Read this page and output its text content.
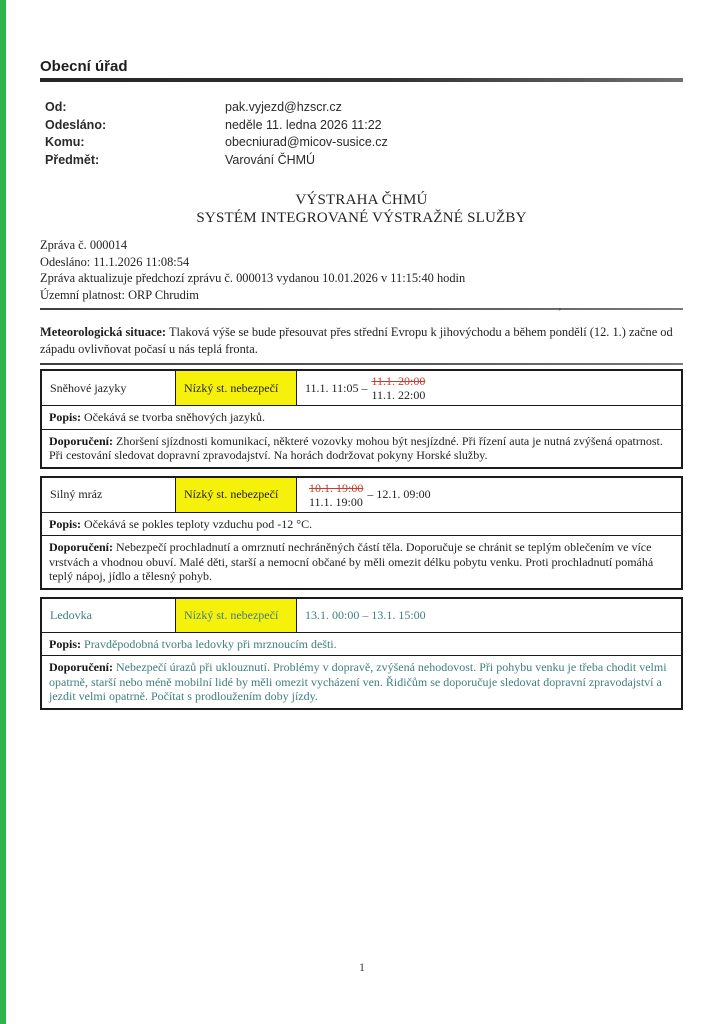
Obecní úřad
Od:	pak.vyjezd@hzscr.cz
Odesláno:	neděle 11. ledna 2026 11:22
Komu:	obecniurad@micov-susice.cz
Předmět:	Varování ČHMÚ
VÝSTRAHA ČHMÚ
SYSTÉM INTEGROVANÉ VÝSTRAŽNÉ SLUŽBY
Zpráva č. 000014
Odesláno: 11.1.2026 11:08:54
Zpráva aktualizuje předchozí zprávu č. 000013 vydanou 10.01.2026 v 11:15:40 hodin
Územní platnost: ORP Chrudim

Meteorologická situace: Tlaková výše se bude přesouvat přes střední Evropu k jihovýchodu a během pondělí (12. 1.) začne od západu ovlivňovat počasí u nás teplá fronta.

Sněhové jazyky	Nízký st. nebezpečí	11.1. 11:05 – 11.1. 20:00
11.1. 22:00
Popis: Očekává se tvorba sněhových jazyků.
Doporučení: Zhoršení sjízdnosti komunikací, některé vozovky mohou být nesjízdné. Při řízení auta je nutná zvýšená opatrnost. Při cestování sledovat dopravní zpravodajství. Na horách dodržovat pokyny Horské služby.
Silný mráz	Nízký st. nebezpečí	10.1. 19:00
11.1. 19:00
– 12.1. 09:00
Popis: Očekává se pokles teploty vzduchu pod -12 °C.
Doporučení: Nebezpečí prochladnutí a omrznutí nechráněných částí těla. Doporučuje se chránit se teplým oblečením ve více vrstvách a vhodnou obuví. Malé děti, starší a nemocní občané by měli omezit délku pobytu venku. Proti prochladnutí pomáhá teplý nápoj, jídlo a tělesný pohyb.
Ledovka	Nízký st. nebezpečí	13.1. 00:00 – 13.1. 15:00
Popis: Pravděpodobná tvorba ledovky při mrznoucím dešti.
Doporučení: Nebezpečí úrazů při uklouznutí. Problémy v dopravě, zvýšená nehodovost. Při pohybu venku je třeba chodit velmi opatrně, starší nebo méně mobilní lidé by měli omezit vycházení ven. Řidičům se doporučuje sledovat dopravní zpravodajství a jezdit velmi opatrně. Počítat s prodloužením doby jízdy.
’
1
